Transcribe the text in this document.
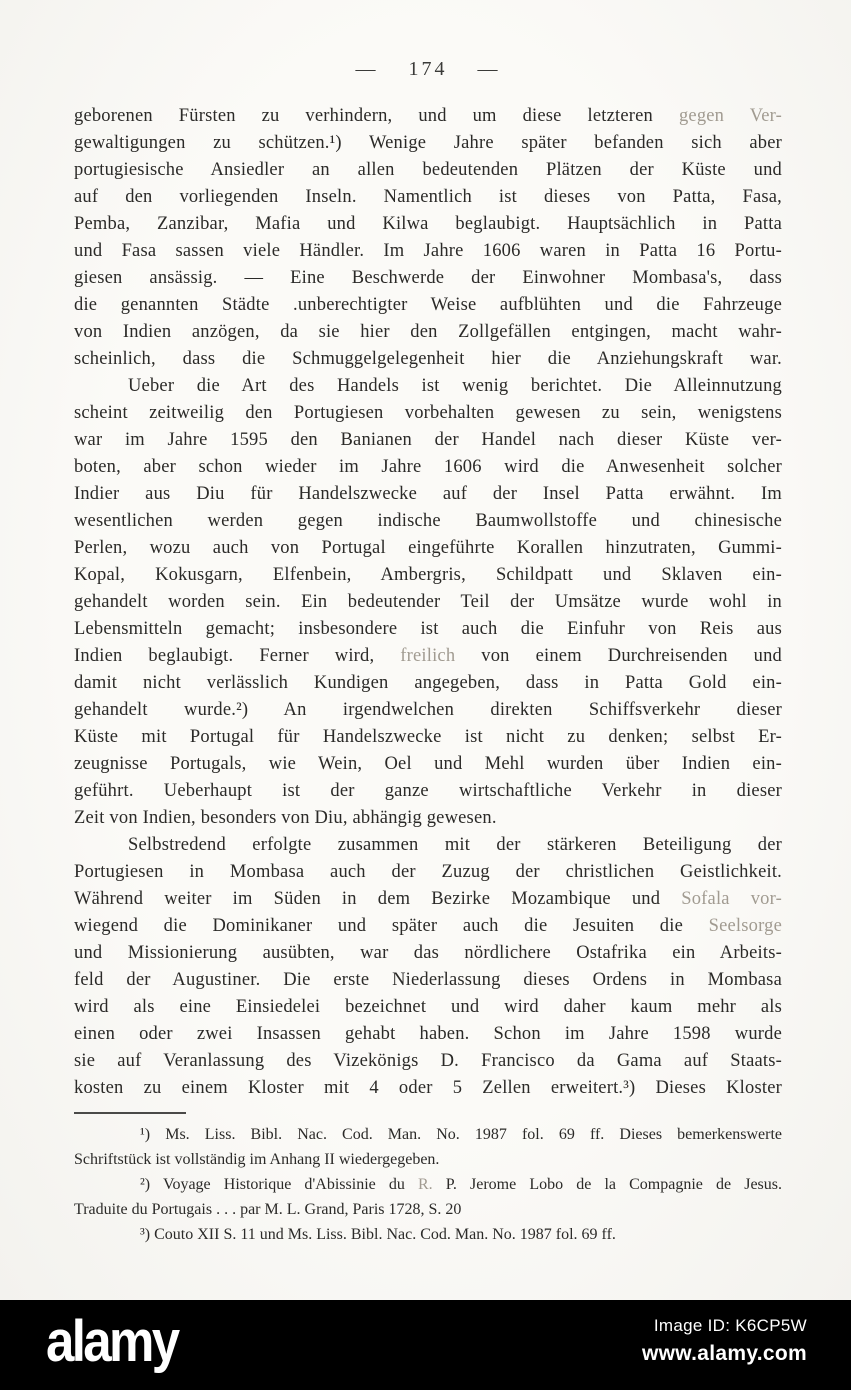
— 174 —
geborenen Fürsten zu verhindern, und um diese letzteren gegen Ver-
gewaltigungen zu schützen.¹) Wenige Jahre später befanden sich aber
portugiesische Ansiedler an allen bedeutenden Plätzen der Küste und
auf den vorliegenden Inseln. Namentlich ist dieses von Patta, Fasa,
Pemba, Zanzibar, Mafia und Kilwa beglaubigt. Hauptsächlich in Patta
und Fasa sassen viele Händler. Im Jahre 1606 waren in Patta 16 Portu-
giesen ansässig. — Eine Beschwerde der Einwohner Mombasa's, dass
die genannten Städte .unberechtigter Weise aufblühten und die Fahrzeuge
von Indien anzögen, da sie hier den Zollgefällen entgingen, macht wahr-
scheinlich, dass die Schmuggelgelegenheit hier die Anziehungskraft war.
Ueber die Art des Handels ist wenig berichtet. Die Alleinnutzung
scheint zeitweilig den Portugiesen vorbehalten gewesen zu sein, wenigstens
war im Jahre 1595 den Banianen der Handel nach dieser Küste ver-
boten, aber schon wieder im Jahre 1606 wird die Anwesenheit solcher
Indier aus Diu für Handelszwecke auf der Insel Patta erwähnt. Im
wesentlichen werden gegen indische Baumwollstoffe und chinesische
Perlen, wozu auch von Portugal eingeführte Korallen hinzutraten, Gummi-
Kopal, Kokusgarn, Elfenbein, Ambergris, Schildpatt und Sklaven ein-
gehandelt worden sein. Ein bedeutender Teil der Umsätze wurde wohl in
Lebensmitteln gemacht; insbesondere ist auch die Einfuhr von Reis aus
Indien beglaubigt. Ferner wird, freilich von einem Durchreisenden und
damit nicht verlässlich Kundigen angegeben, dass in Patta Gold ein-
gehandelt wurde.²) An irgendwelchen direkten Schiffsverkehr dieser
Küste mit Portugal für Handelszwecke ist nicht zu denken; selbst Er-
zeugnisse Portugals, wie Wein, Oel und Mehl wurden über Indien ein-
geführt. Ueberhaupt ist der ganze wirtschaftliche Verkehr in dieser
Zeit von Indien, besonders von Diu, abhängig gewesen.
Selbstredend erfolgte zusammen mit der stärkeren Beteiligung der
Portugiesen in Mombasa auch der Zuzug der christlichen Geistlichkeit.
Während weiter im Süden in dem Bezirke Mozambique und Sofala vor-
wiegend die Dominikaner und später auch die Jesuiten die Seelsorge
und Missionierung ausübten, war das nördlichere Ostafrika ein Arbeits-
feld der Augustiner. Die erste Niederlassung dieses Ordens in Mombasa
wird als eine Einsiedelei bezeichnet und wird daher kaum mehr als
einen oder zwei Insassen gehabt haben. Schon im Jahre 1598 wurde
sie auf Veranlassung des Vizekönigs D. Francisco da Gama auf Staats-
kosten zu einem Kloster mit 4 oder 5 Zellen erweitert.³) Dieses Kloster
¹) Ms. Liss. Bibl. Nac. Cod. Man. No. 1987 fol. 69 ff. Dieses bemerkenswerte
Schriftstück ist vollständig im Anhang II wiedergegeben.
²) Voyage Historique d'Abissinie du R. P. Jerome Lobo de la Compagnie de Jesus.
Traduite du Portugais . . . par M. L. Grand, Paris 1728, S. 20
³) Couto XII S. 11 und Ms. Liss. Bibl. Nac. Cod. Man. No. 1987 fol. 69 ff.
alamy	Image ID: K6CP5W
www.alamy.com
